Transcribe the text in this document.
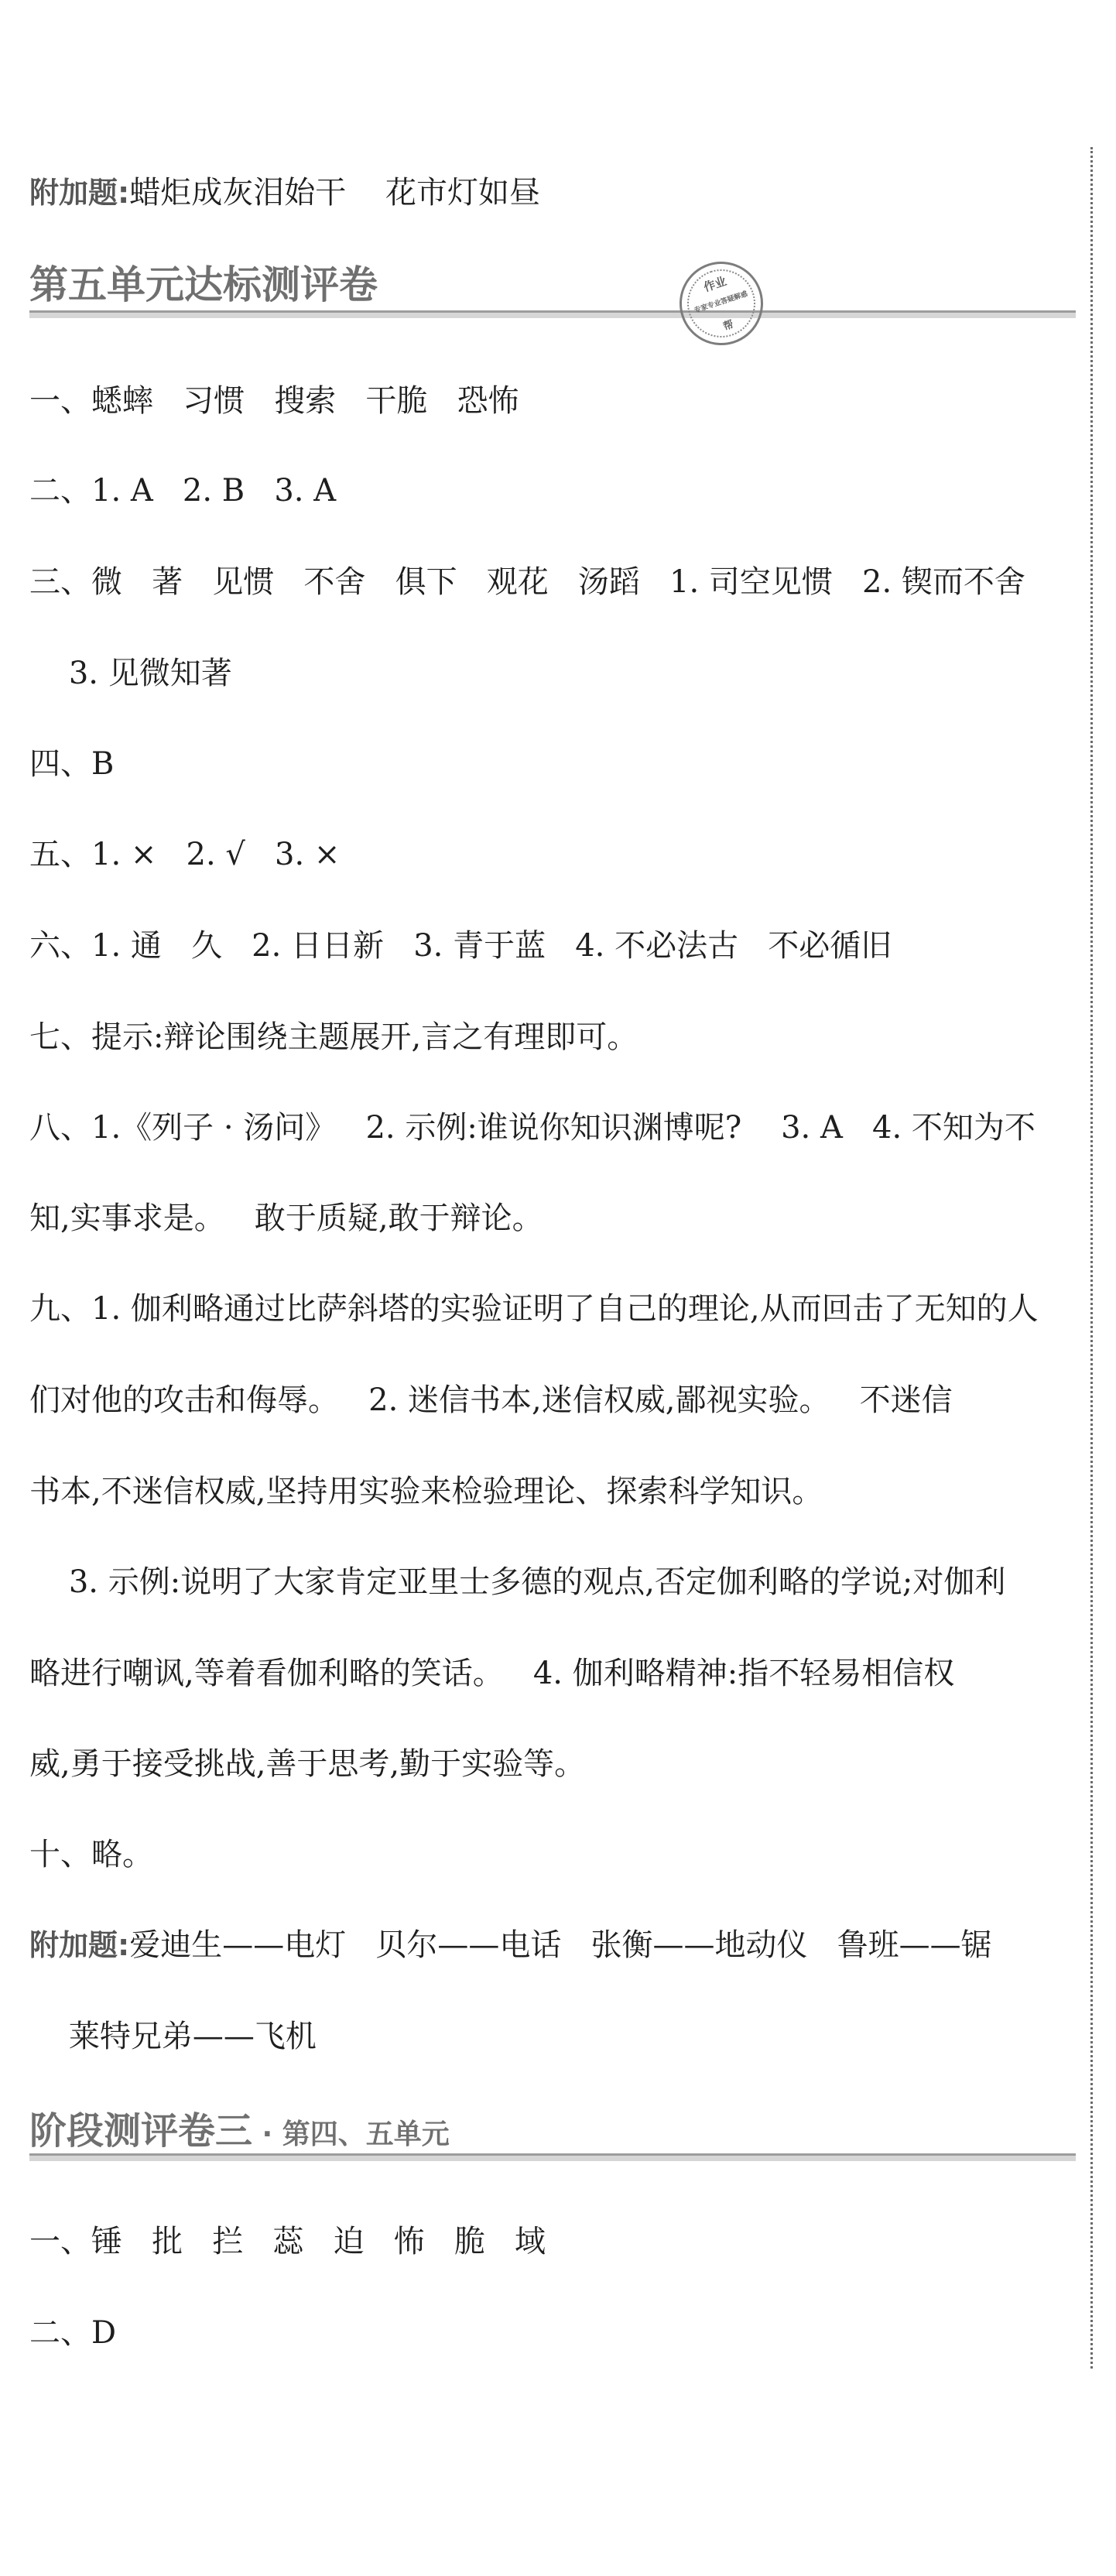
附加题:蜡炬成灰泪始干    花市灯如昼
第五单元达标测评卷	作业
专家专业答疑解惑
帮
一、蟋蟀   习惯   搜索   干脆   恐怖
二、1. A   2. B   3. A
三、微   著   见惯   不舍   俱下   观花   汤蹈   1. 司空见惯   2. 锲而不舍
3. 见微知著
四、B
五、1. ×   2. √   3. ×
六、1. 通   久   2. 日日新   3. 青于蓝   4. 不必法古   不必循旧
七、提示:辩论围绕主题展开,言之有理即可。
八、1.《列子 · 汤问》   2. 示例:谁说你知识渊博呢?    3. A   4. 不知为不
知,实事求是。   敢于质疑,敢于辩论。
九、1. 伽利略通过比萨斜塔的实验证明了自己的理论,从而回击了无知的人
们对他的攻击和侮辱。   2. 迷信书本,迷信权威,鄙视实验。   不迷信
书本,不迷信权威,坚持用实验来检验理论、探索科学知识。
3. 示例:说明了大家肯定亚里士多德的观点,否定伽利略的学说;对伽利
略进行嘲讽,等着看伽利略的笑话。   4. 伽利略精神:指不轻易相信权
威,勇于接受挑战,善于思考,勤于实验等。
十、略。
附加题:爱迪生——电灯   贝尔——电话   张衡——地动仪   鲁班——锯
莱特兄弟——飞机
阶段测评卷三 · 第四、五单元
一、锤   批   拦   蕊   迫   怖   脆   域
二、D
